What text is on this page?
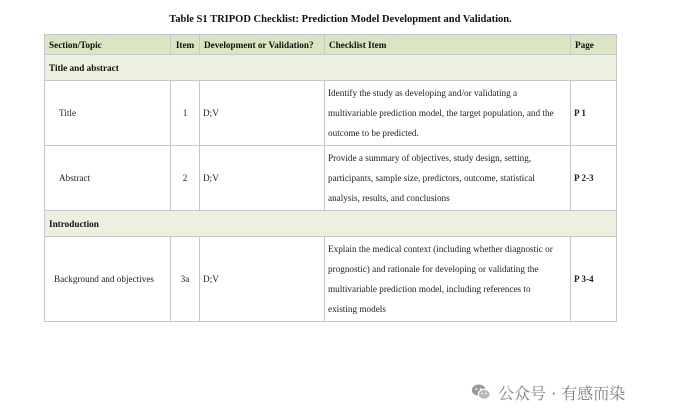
Table S1 TRIPOD Checklist: Prediction Model Development and Validation.
Section/Topic	Item	Development or Validation?	Checklist Item	Page
Title and abstract				
Title	1	D;V	Identify the study as developing and/or validating a
multivariable prediction model, the target population, and the
outcome to be predicted.	P 1
Abstract	2	D;V	Provide a summary of objectives, study design, setting,
participants, sample size, predictors, outcome, statistical
analysis, results, and conclusions	P 2-3
Introduction				
Background and objectives	3a	D;V	Explain the medical context (including whether diagnostic or
prognostic) and rationale for developing or validating the
multivariable prediction model, including references to
existing models	P 3-4
公众号 · 有感而染
